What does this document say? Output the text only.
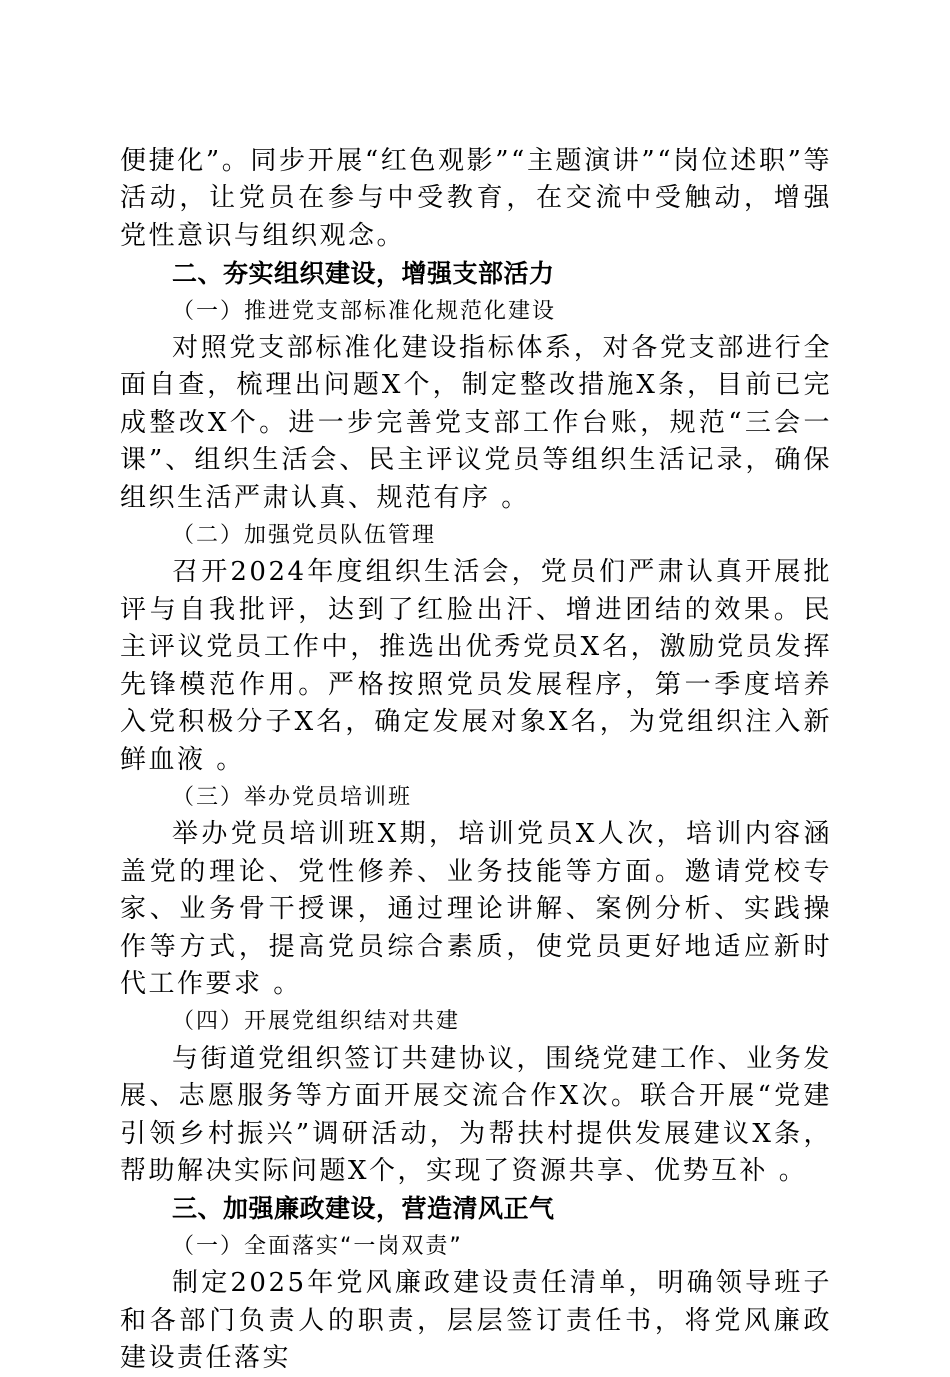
便捷化”。同步开展“红色观影”“主题演讲”“岗位述职”等活动，让党员在参与中受教育，在交流中受触动，增强党性意识与组织观念。

二、夯实组织建设，增强支部活力

（一）推进党支部标准化规范化建设

对照党支部标准化建设指标体系，对各党支部进行全面自查，梳理出问题X个，制定整改措施X条，目前已完成整改X个。进一步完善党支部工作台账，规范“三会一课”、组织生活会、民主评议党员等组织生活记录，确保组织生活严肃认真、规范有序 。

（二）加强党员队伍管理

召开2024年度组织生活会，党员们严肃认真开展批评与自我批评，达到了红脸出汗、增进团结的效果。民主评议党员工作中，推选出优秀党员X名，激励党员发挥先锋模范作用。严格按照党员发展程序，第一季度培养入党积极分子X名，确定发展对象X名，为党组织注入新鲜血液 。

（三）举办党员培训班

举办党员培训班X期，培训党员X人次，培训内容涵盖党的理论、党性修养、业务技能等方面。邀请党校专家、业务骨干授课，通过理论讲解、案例分析、实践操作等方式，提高党员综合素质，使党员更好地适应新时代工作要求 。

（四）开展党组织结对共建

与街道党组织签订共建协议，围绕党建工作、业务发展、志愿服务等方面开展交流合作X次。联合开展“党建引领乡村振兴”调研活动，为帮扶村提供发展建议X条，帮助解决实际问题X个，实现了资源共享、优势互补 。

三、加强廉政建设，营造清风正气

（一）全面落实“一岗双责”

制定2025年党风廉政建设责任清单，明确领导班子和各部门负责人的职责，层层签订责任书，将党风廉政建设责任落实
